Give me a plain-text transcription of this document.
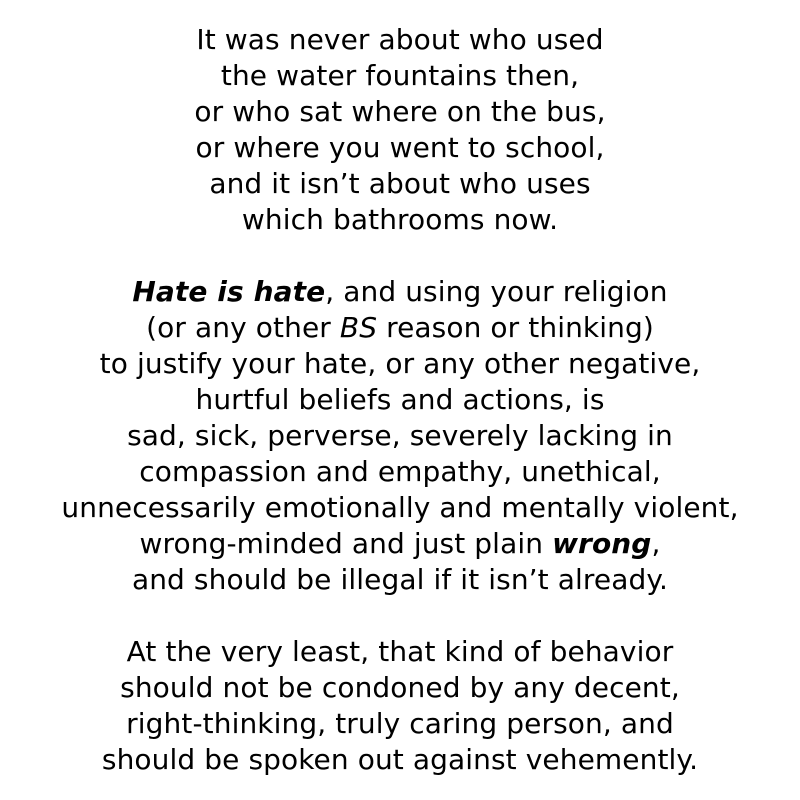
It was never about who used
the water fountains then,
or who sat where on the bus,
or where you went to school,
and it isn’t about who uses
which bathrooms now.

Hate is hate, and using your religion
(or any other BS reason or thinking)
to justify your hate, or any other negative,
hurtful beliefs and actions, is
sad, sick, perverse, severely lacking in
compassion and empathy, unethical,
unnecessarily emotionally and mentally violent,
wrong-minded and just plain wrong,
and should be illegal if it isn’t already.

At the very least, that kind of behavior
should not be condoned by any decent,
right-thinking, truly caring person, and
should be spoken out against vehemently.
